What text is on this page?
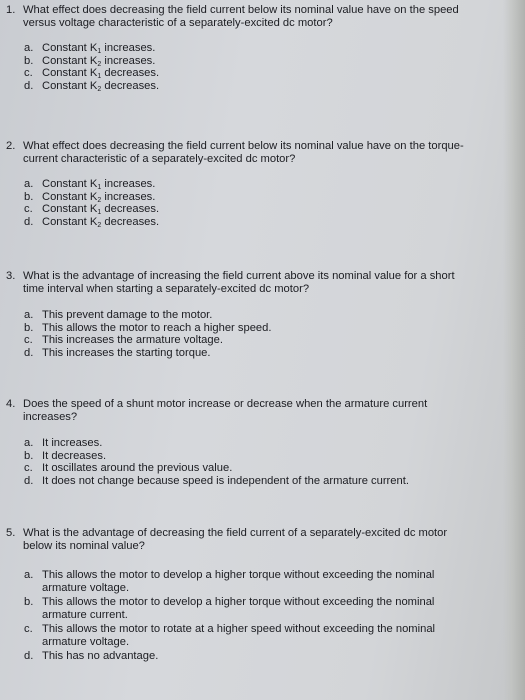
1. What effect does decreasing the field current below its nominal value have on the speed versus voltage characteristic of a separately-excited dc motor?
a. Constant $K_1$ increases.
b. Constant $K_2$ increases.
c. Constant $K_1$ decreases.
d. Constant $K_2$ decreases.
2. What effect does decreasing the field current below its nominal value have on the torque-current characteristic of a separately-excited dc motor?
a. Constant $K_1$ increases.
b. Constant $K_2$ increases.
c. Constant $K_1$ decreases.
d. Constant $K_2$ decreases.
3. What is the advantage of increasing the field current above its nominal value for a short time interval when starting a separately-excited dc motor?
a. This prevent damage to the motor.
b. This allows the motor to reach a higher speed.
c. This increases the armature voltage.
d. This increases the starting torque.
4. Does the speed of a shunt motor increase or decrease when the armature current increases?
a. It increases.
b. It decreases.
c. It oscillates around the previous value.
d. It does not change because speed is independent of the armature current.
5. What is the advantage of decreasing the field current of a separately-excited dc motor below its nominal value?
a. This allows the motor to develop a higher torque without exceeding the nominal armature voltage.
b. This allows the motor to develop a higher torque without exceeding the nominal armature current.
c. This allows the motor to rotate at a higher speed without exceeding the nominal armature voltage.
d. This has no advantage.
